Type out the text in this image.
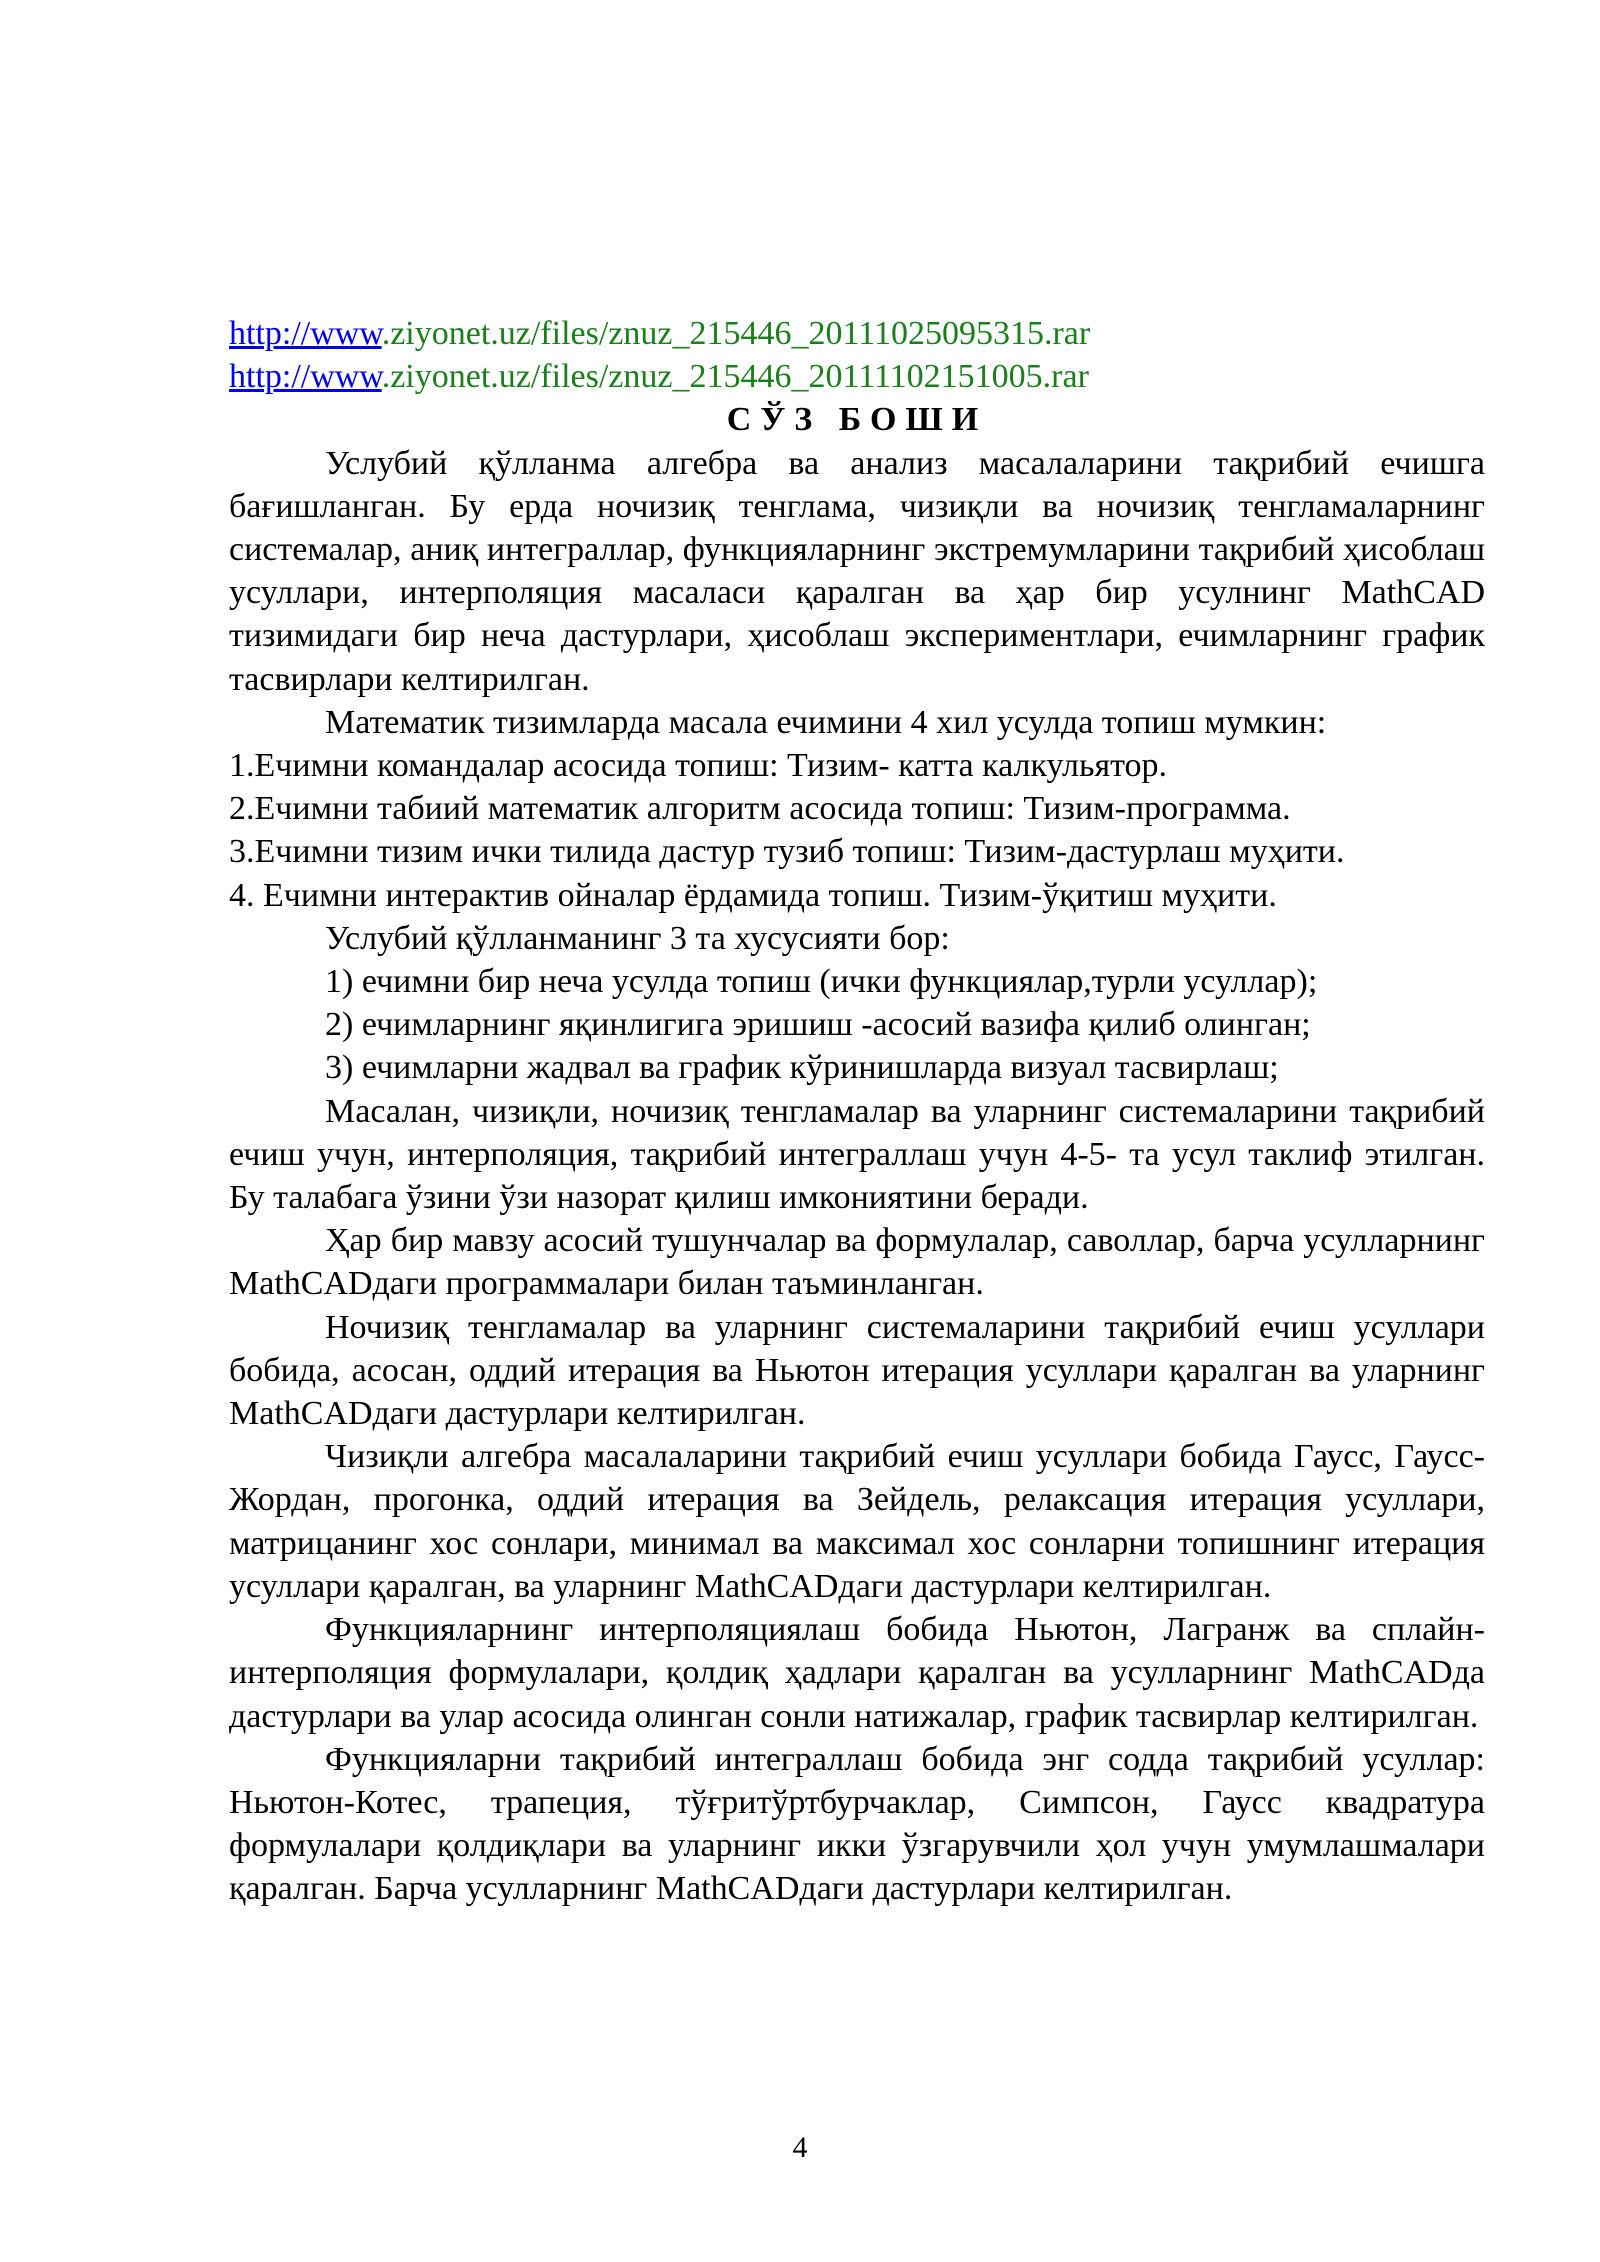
http://www.ziyonet.uz/files/znuz_215446_20111025095315.rar
http://www.ziyonet.uz/files/znuz_215446_20111102151005.rar
СЎЗ БОШИ

Услубий қўлланма алгебра ва анализ масалаларини тақрибий ечишга бағишланган. Бу ерда ночизиқ тенглама, чизиқли ва ночизиқ тенгламаларнинг системалар, аниқ интеграллар, функцияларнинг экстремумларини тақрибий ҳисоблаш усуллари, интерполяция масаласи қаралган ва ҳар бир усулнинг MathCAD тизимидаги бир неча дастурлари, ҳисоблаш экспериментлари, ечимларнинг график тасвирлари келтирилган.

Математик тизимларда масала ечимини 4 хил усулда топиш мумкин:

1.Ечимни командалар асосида топиш: Тизим- катта калкульятор.

2.Ечимни табиий математик алгоритм асосида топиш: Тизим-программа.

3.Ечимни тизим ички тилида дастур тузиб топиш: Тизим-дастурлаш муҳити.

4. Ечимни интерактив ойналар ёрдамида топиш. Тизим-ўқитиш муҳити.

Услубий қўлланманинг 3 та хусусияти бор:

1) ечимни бир неча усулда топиш (ички функциялар,турли усуллар);

2) ечимларнинг яқинлигига эришиш -асосий вазифа қилиб олинган;

3) ечимларни жадвал ва график кўринишларда визуал тасвирлаш;

Масалан, чизиқли, ночизиқ тенгламалар ва уларнинг системаларини тақрибий ечиш учун, интерполяция, тақрибий интеграллаш учун 4-5- та усул таклиф этилган. Бу талабага ўзини ўзи назорат қилиш имкониятини беради.

Ҳар бир мавзу асосий тушунчалар ва формулалар, саволлар, барча усулларнинг MathCADдаги программалари билан таъминланган.

Ночизиқ тенгламалар ва уларнинг системаларини тақрибий ечиш усуллари бобида, асосан, оддий итерация ва Ньютон итерация усуллари қаралган ва уларнинг MathCADдаги дастурлари келтирилган.

Чизиқли алгебра масалаларини тақрибий ечиш усуллари бобида Гаусс, Гаусс-Жордан, прогонка, оддий итерация ва Зейдель, релаксация итерация усуллари, матрицанинг хос сонлари, минимал ва максимал хос сонларни топишнинг итерация усуллари қаралган, ва уларнинг MathCADдаги дастурлари келтирилган.

Функцияларнинг интерполяциялаш бобида Ньютон, Лагранж ва сплайн-интерполяция формулалари, қолдиқ ҳадлари қаралган ва усулларнинг MathCADда дастурлари ва улар асосида олинган сонли натижалар, график тасвирлар келтирилган.

Функцияларни тақрибий интеграллаш бобида энг содда тақрибий усуллар: Ньютон-Котес, трапеция, тўғритўртбурчаклар, Симпсон, Гаусс квадратура формулалари қолдиқлари ва уларнинг икки ўзгарувчили ҳол учун умумлашмалари қаралган. Барча усулларнинг MathCADдаги дастурлари келтирилган.

4
